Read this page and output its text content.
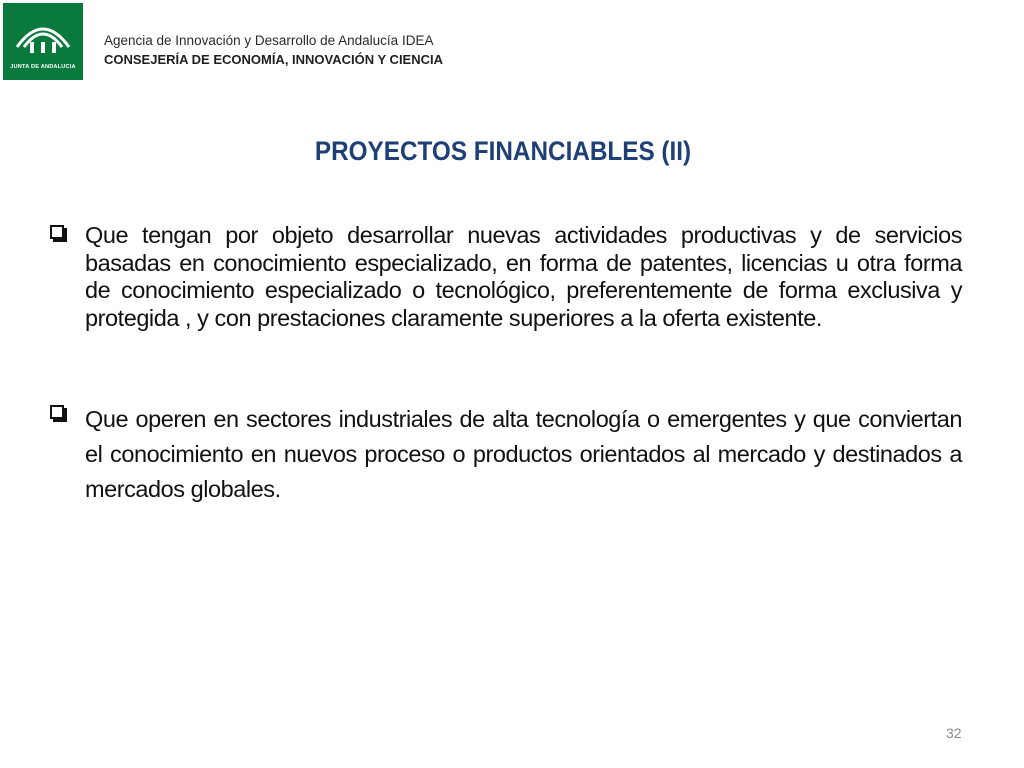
JUNTA DE ANDALUCIA
Agencia de Innovación y Desarrollo de Andalucía IDEA
CONSEJERÍA DE ECONOMÍA, INNOVACIÓN Y CIENCIA
PROYECTOS FINANCIABLES (II)
Que tengan por objeto desarrollar nuevas actividades productivas y de servicios basadas en conocimiento especializado, en forma de patentes, licencias u otra forma de conocimiento especializado o tecnológico, preferentemente de forma exclusiva y protegida , y con prestaciones claramente superiores a la oferta existente.
Que operen en sectores industriales de alta tecnología o emergentes y que conviertan el conocimiento en nuevos proceso o productos orientados al mercado y destinados a mercados globales.
32
